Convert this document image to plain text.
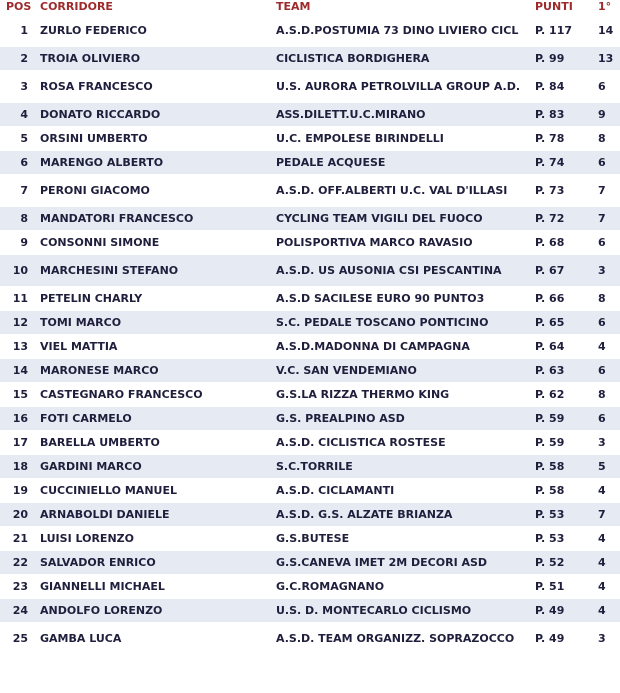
POS	CORRIDORE	TEAM	PUNTI	1°
1	ZURLO FEDERICO	A.S.D.POSTUMIA 73 DINO LIVIERO CICL	P. 117	14
2	TROIA OLIVIERO	CICLISTICA BORDIGHERA	P. 99	13
3	ROSA FRANCESCO	U.S. AURORA PETROLVILLA GROUP A.D.	P. 84	6
4	DONATO RICCARDO	ASS.DILETT.U.C.MIRANO	P. 83	9
5	ORSINI UMBERTO	U.C. EMPOLESE BIRINDELLI	P. 78	8
6	MARENGO ALBERTO	PEDALE ACQUESE	P. 74	6
7	PERONI GIACOMO	A.S.D. OFF.ALBERTI U.C. VAL D'ILLASI	P. 73	7
8	MANDATORI FRANCESCO	CYCLING TEAM VIGILI DEL FUOCO	P. 72	7
9	CONSONNI SIMONE	POLISPORTIVA MARCO RAVASIO	P. 68	6
10	MARCHESINI STEFANO	A.S.D. US AUSONIA CSI PESCANTINA	P. 67	3
11	PETELIN CHARLY	A.S.D SACILESE EURO 90 PUNTO3	P. 66	8
12	TOMI MARCO	S.C. PEDALE TOSCANO PONTICINO	P. 65	6
13	VIEL MATTIA	A.S.D.MADONNA DI CAMPAGNA	P. 64	4
14	MARONESE MARCO	V.C. SAN VENDEMIANO	P. 63	6
15	CASTEGNARO FRANCESCO	G.S.LA RIZZA THERMO KING	P. 62	8
16	FOTI CARMELO	G.S. PREALPINO ASD	P. 59	6
17	BARELLA UMBERTO	A.S.D. CICLISTICA ROSTESE	P. 59	3
18	GARDINI MARCO	S.C.TORRILE	P. 58	5
19	CUCCINIELLO MANUEL	A.S.D. CICLAMANTI	P. 58	4
20	ARNABOLDI DANIELE	A.S.D. G.S. ALZATE BRIANZA	P. 53	7
21	LUISI LORENZO	G.S.BUTESE	P. 53	4
22	SALVADOR ENRICO	G.S.CANEVA IMET 2M DECORI ASD	P. 52	4
23	GIANNELLI MICHAEL	G.C.ROMAGNANO	P. 51	4
24	ANDOLFO LORENZO	U.S. D. MONTECARLO CICLISMO	P. 49	4
25	GAMBA LUCA	A.S.D. TEAM ORGANIZZ. SOPRAZOCCO	P. 49	3
